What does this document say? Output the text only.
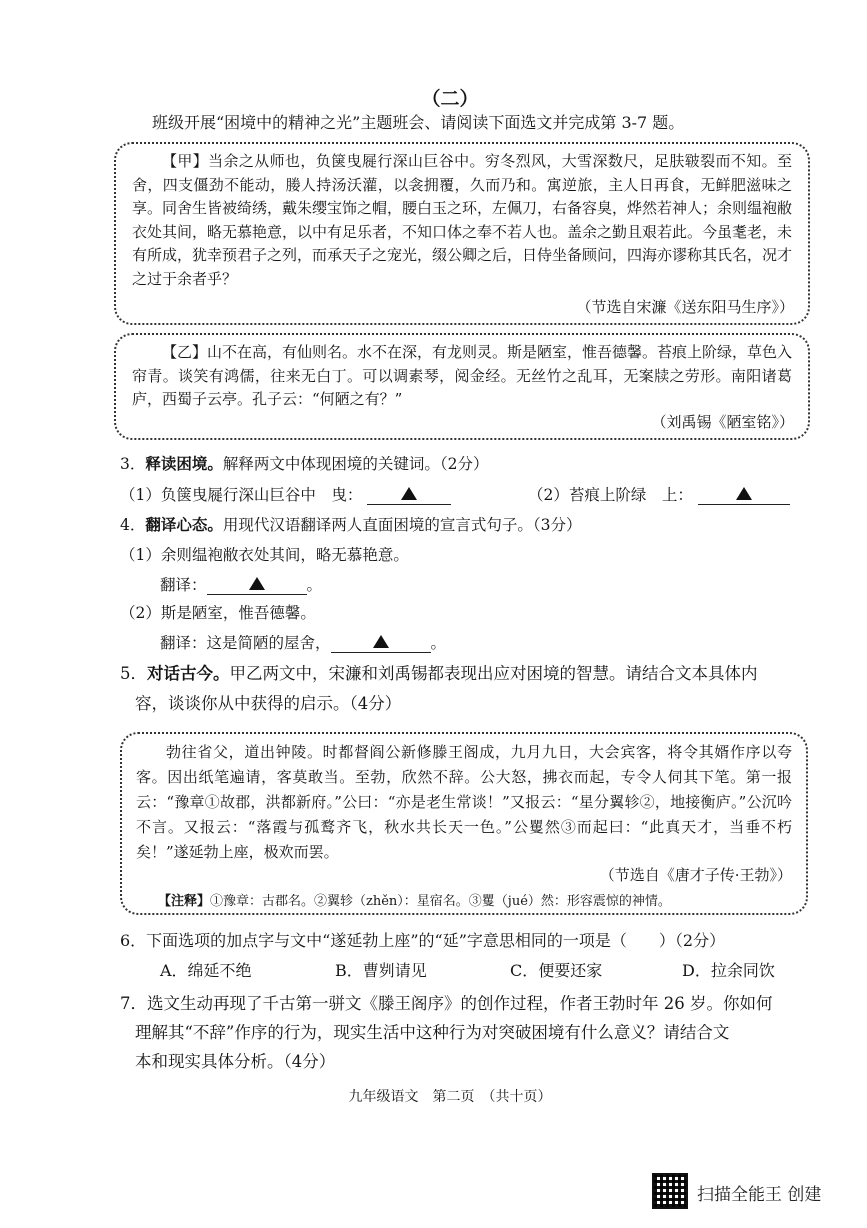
（二）
班级开展“困境中的精神之光”主题班会、请阅读下面选文并完成第 3-7 题。
【甲】当余之从师也，负箧曳屣行深山巨谷中。穷冬烈风，大雪深数尺，足肤皲裂而不知。至舍，四支僵劲不能动，媵人持汤沃灌，以衾拥覆，久而乃和。寓逆旅，主人日再食，无鲜肥滋味之享。同舍生皆被绮绣，戴朱缨宝饰之帽，腰白玉之环，左佩刀，右备容臭，烨然若神人；余则缊袍敝衣处其间，略无慕艳意，以中有足乐者，不知口体之奉不若人也。盖余之勤且艰若此。今虽耄老，未有所成，犹幸预君子之列，而承天子之宠光，缀公卿之后，日侍坐备顾问，四海亦谬称其氏名，况才之过于余者乎？
（节选自宋濂《送东阳马生序》）
【乙】山不在高，有仙则名。水不在深，有龙则灵。斯是陋室，惟吾德馨。苔痕上阶绿，草色入帘青。谈笑有鸿儒，往来无白丁。可以调素琴，阅金经。无丝竹之乱耳，无案牍之劳形。南阳诸葛庐，西蜀子云亭。孔子云：“何陋之有？”
（刘禹锡《陋室铭》）
3．释读困境。解释两文中体现困境的关键词。（2分）
（1）负箧曳屣行深山巨谷中　曳：	（2）苔痕上阶绿　上：
4．翻译心态。用现代汉语翻译两人直面困境的宣言式句子。（3分）
（1）余则缊袍敝衣处其间，略无慕艳意。
翻译：	。
（2）斯是陋室，惟吾德馨。
翻译：这是简陋的屋舍，	。
5．对话古今。甲乙两文中，宋濂和刘禹锡都表现出应对困境的智慧。请结合文本具体内
容，谈谈你从中获得的启示。（4分）
勃往省父，道出钟陵。时都督阎公新修滕王阁成，九月九日，大会宾客，将令其婿作序以夸客。因出纸笔遍请，客莫敢当。至勃，欣然不辞。公大怒，拂衣而起，专令人伺其下笔。第一报云：“豫章①故郡，洪都新府。”公曰：“亦是老生常谈！”又报云：“星分翼轸②，地接衡庐。”公沉吟不言。又报云：“落霞与孤鹜齐飞，秋水共长天一色。”公矍然③而起曰：“此真天才，当垂不朽矣！”遂延勃上座，极欢而罢。
（节选自《唐才子传·王勃》）
【注释】①豫章：古郡名。②翼轸（zhěn）：星宿名。③矍（jué）然：形容震惊的神情。
6．下面选项的加点字与文中“遂延勃上座”的“延”字意思相同的一项是（　　）（2分）
A．绵延不绝	B．曹刿请见	C．便要还家	D．拉余同饮
7．选文生动再现了千古第一骈文《滕王阁序》的创作过程，作者王勃时年 26 岁。你如何
理解其“不辞”作序的行为，现实生活中这种行为对突破困境有什么意义？请结合文
本和现实具体分析。（4分）
九年级语文　第二页　（共十页）
扫描全能王 创建
